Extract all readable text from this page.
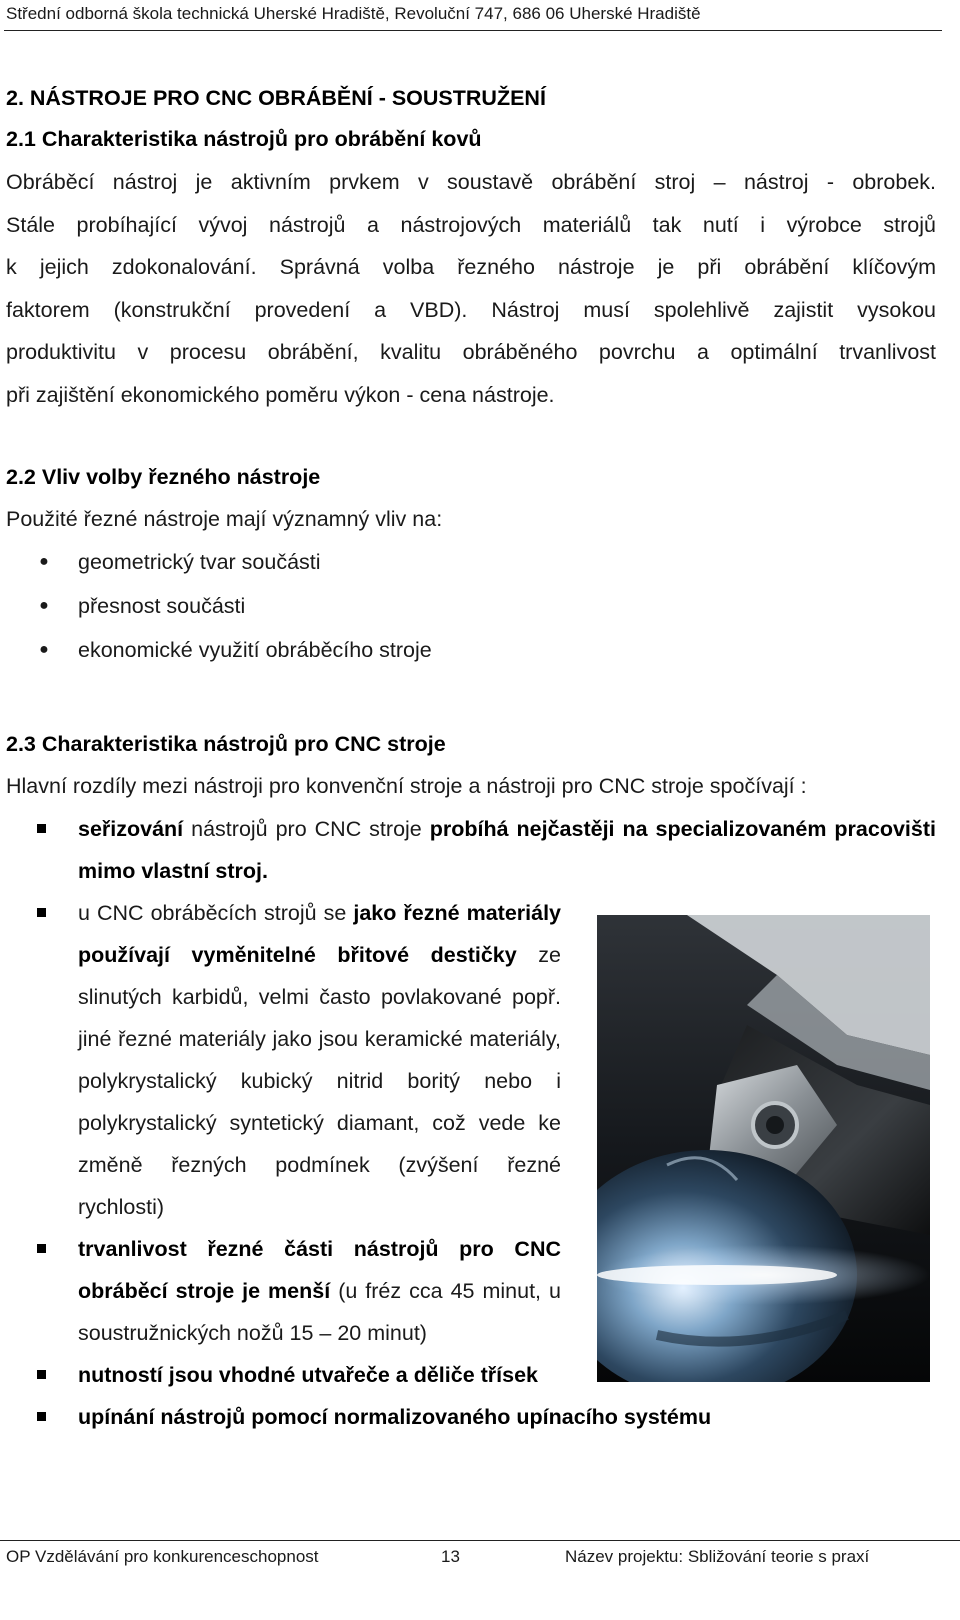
Střední odborná škola technická Uherské Hradiště, Revoluční 747, 686 06 Uherské Hradiště
2. NÁSTROJE PRO CNC OBRÁBĚNÍ - SOUSTRUŽENÍ
2.1 Charakteristika nástrojů pro obrábění kovů
Obráběcí nástroj je aktivním prvkem v soustavě obrábění stroj – nástroj - obrobek.
Stále probíhající vývoj nástrojů a nástrojových materiálů tak nutí i výrobce strojů
k jejich zdokonalování. Správná volba řezného nástroje je při obrábění klíčovým
faktorem (konstrukční provedení a VBD). Nástroj musí spolehlivě zajistit vysokou
produktivitu v procesu obrábění, kvalitu obráběného povrchu a optimální trvanlivost
při zajištění ekonomického poměru výkon - cena nástroje.
2.2 Vliv volby řezného nástroje
Použité řezné nástroje mají významný vliv na:
● geometrický tvar součásti
● přesnost součásti
● ekonomické využití obráběcího stroje
2.3 Charakteristika nástrojů pro CNC stroje
Hlavní rozdíly mezi nástroji pro konvenční stroje a nástroji pro CNC stroje spočívají :
seřizování nástrojů pro CNC stroje probíhá nejčastěji na specializovaném pracovišti mimo vlastní stroj.
u CNC obráběcích strojů se jako řezné materiály používají vyměnitelné břitové destičky ze slinutých karbidů, velmi často povlakované popř. jiné řezné materiály jako jsou keramické materiály, polykrystalický kubický nitrid boritý nebo i polykrystalický syntetický diamant, což vede ke změně řezných podmínek (zvýšení řezné rychlosti)
trvanlivost řezné části nástrojů pro CNC obráběcí stroje je menší (u fréz cca 45 minut, u soustružnických nožů 15 – 20 minut)
nutností jsou vhodné utvařeče a děliče třísek
upínání nástrojů pomocí normalizovaného upínacího systému
OP Vzdělávání pro konkurenceschopnost	13	Název projektu: Sbližování teorie s praxí
